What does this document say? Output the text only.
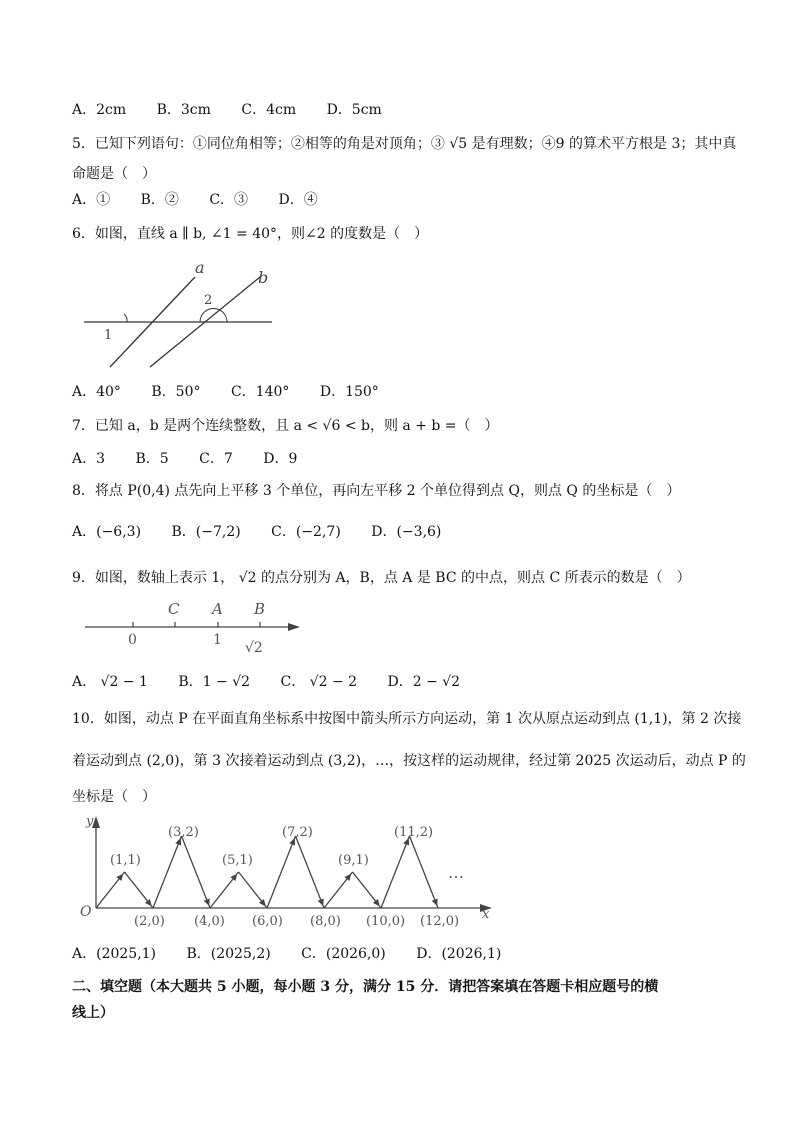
A．2cm B．3cm C．4cm D．5cm
5．已知下列语句：①同位角相等；②相等的角是对顶角；③ √5 是有理数；④9 的算术平方根是 3；其中真
命题是（　）
A．① B．② C．③ D．④
6．如图，直线 a ∥ b, ∠1 = 40°，则∠2 的度数是（　）
a
b
1
2
A．40° B．50° C．140° D．150°
7．已知 a，b 是两个连续整数，且 a < √6 < b，则 a + b =（　）
A．3 B．5 C．7 D．9
8．将点 P(0,4) 点先向上平移 3 个单位，再向左平移 2 个单位得到点 Q，则点 Q 的坐标是（　）
A．(−6,3) B．(−7,2) C．(−2,7) D．(−3,6)
9．如图，数轴上表示 1， √2 的点分别为 A，B，点 A 是 BC 的中点，则点 C 所表示的数是（　）
C A B
0	1 √2
A． √2 − 1 B．1 − √2 C． √2 − 2 D．2 − √2
10．如图，动点 P 在平面直角坐标系中按图中箭头所示方向运动，第 1 次从原点运动到点 (1,1)，第 2 次接
着运动到点 (2,0)，第 3 次接着运动到点 (3,2)，…，按这样的运动规律，经过第 2025 次运动后，动点 P 的
坐标是（　）
y
x
O
…
(1,1)
(3,2)
(5,1)
(7,2)
(9,1)
(11,2)
(2,0) (4,0) (6,0) (8,0) (10,0) (12,0)
A．(2025,1) B．(2025,2) C．(2026,0) D．(2026,1)
二、填空题（本大题共 5 小题，每小题 3 分，满分 15 分．请把答案填在答题卡相应题号的横
线上）
